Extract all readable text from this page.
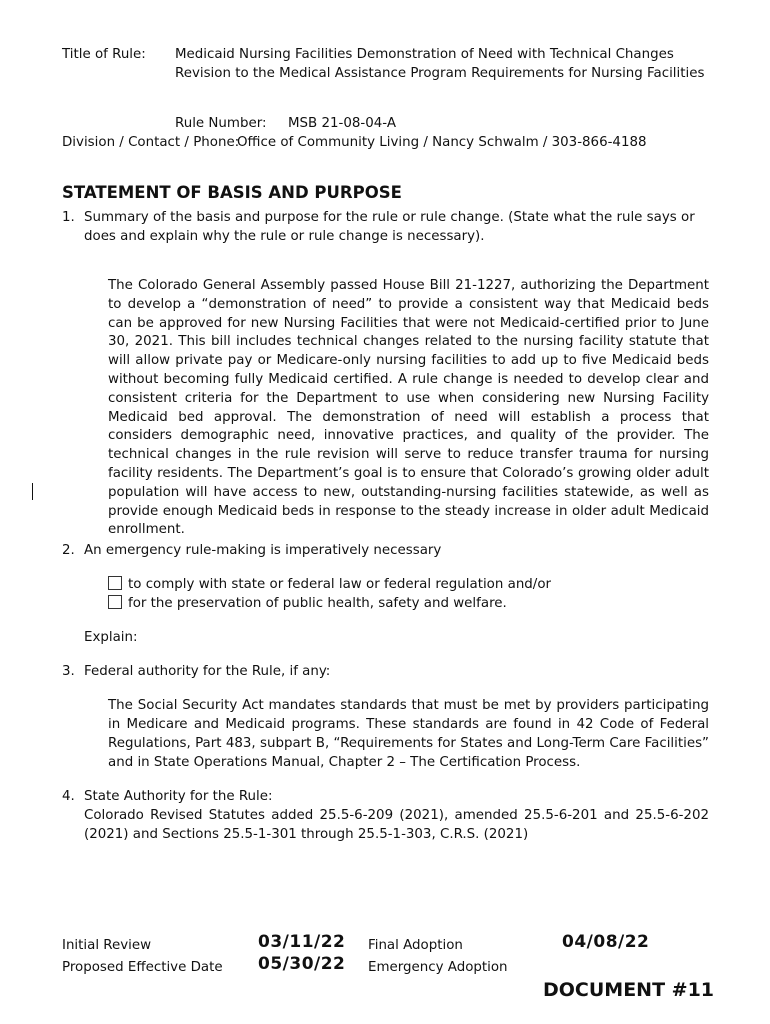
Title of Rule: Medicaid Nursing Facilities Demonstration of Need with Technical Changes
Revision to the Medical Assistance Program Requirements for Nursing Facilities
Rule Number: MSB 21-08-04-A
Division / Contact / Phone:
Office of Community Living / Nancy Schwalm / 303-866-4188
STATEMENT OF BASIS AND PURPOSE
1. Summary of the basis and purpose for the rule or rule change. (State what the rule says or does and explain why the rule or rule change is necessary).
The Colorado General Assembly passed House Bill 21-1227, authorizing the Department to develop a “demonstration of need” to provide a consistent way that Medicaid beds can be approved for new Nursing Facilities that were not Medicaid-certified prior to June 30, 2021. This bill includes technical changes related to the nursing facility statute that will allow private pay or Medicare-only nursing facilities to add up to five Medicaid beds without becoming fully Medicaid certified. A rule change is needed to develop clear and consistent criteria for the Department to use when considering new Nursing Facility Medicaid bed approval. The demonstration of need will establish a process that considers demographic need, innovative practices, and quality of the provider. The technical changes in the rule revision will serve to reduce transfer trauma for nursing facility residents. The Department’s goal is to ensure that Colorado’s growing older adult population will have access to new, outstanding‐nursing facilities statewide, as well as provide enough Medicaid beds in response to the steady increase in older adult Medicaid enrollment.
2. An emergency rule-making is imperatively necessary
to comply with state or federal law or federal regulation and/or
for the preservation of public health, safety and welfare.
Explain:
3. Federal authority for the Rule, if any:
The Social Security Act mandates standards that must be met by providers participating in Medicare and Medicaid programs. These standards are found in 42 Code of Federal Regulations, Part 483, subpart B, “Requirements for States and Long-Term Care Facilities” and in State Operations Manual, Chapter 2 – The Certification Process.
4. State Authority for the Rule:
Colorado Revised Statutes added 25.5-6-209 (2021), amended 25.5-6-201 and 25.5-6-202 (2021) and Sections 25.5-1-301 through 25.5-1-303, C.R.S. (2021)
Initial Review	03/11/22 Final Adoption	04/08/22
Proposed Effective Date 05/30/22 Emergency Adoption
DOCUMENT #11
